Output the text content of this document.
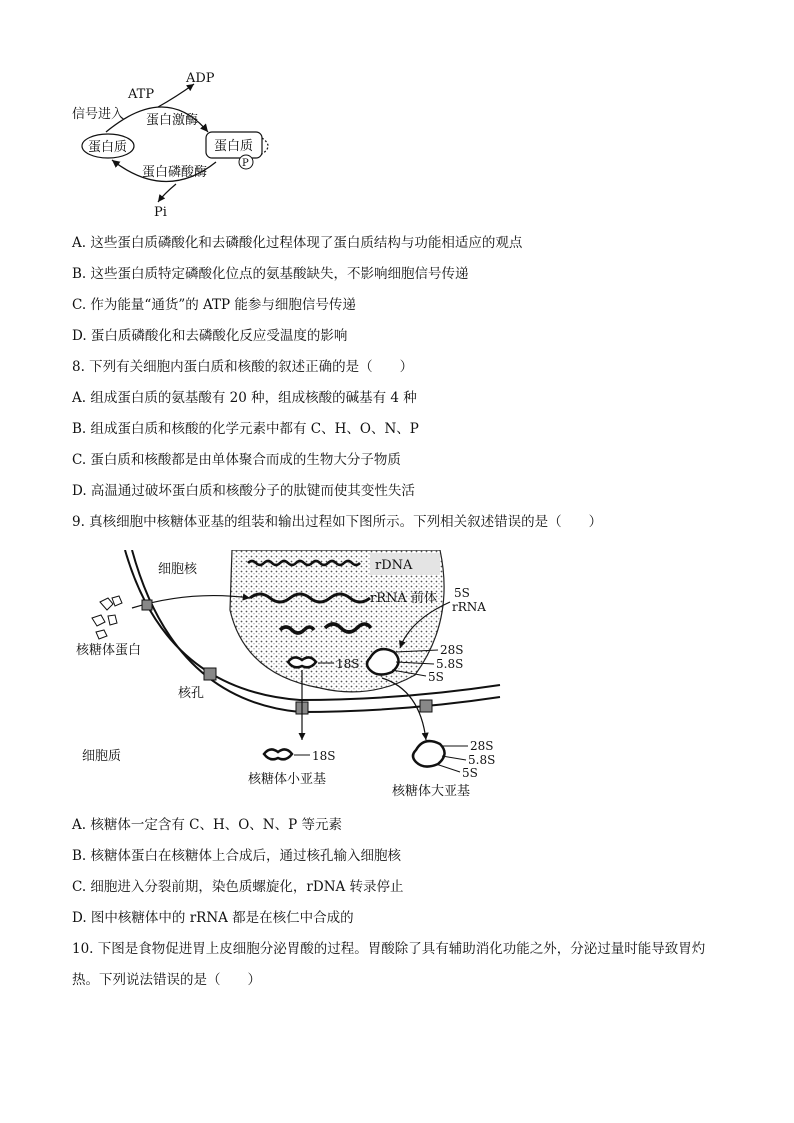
ATP
ADP
信号进入 蛋白激酶
蛋白质	蛋白质
P
蛋白磷酸酶
Pi
A. 这些蛋白质磷酸化和去磷酸化过程体现了蛋白质结构与功能相适应的观点
B. 这些蛋白质特定磷酸化位点的氨基酸缺失，不影响细胞信号传递
C. 作为能量“通货”的 ATP 能参与细胞信号传递
D. 蛋白质磷酸化和去磷酸化反应受温度的影响
8. 下列有关细胞内蛋白质和核酸的叙述正确的是（　　）
A. 组成蛋白质的氨基酸有 20 种，组成核酸的碱基有 4 种
B. 组成蛋白质和核酸的化学元素中都有 C、H、O、N、P
C. 蛋白质和核酸都是由单体聚合而成的生物大分子物质
D. 高温通过破坏蛋白质和核酸分子的肽键而使其变性失活
9. 真核细胞中核糖体亚基的组装和输出过程如下图所示。下列相关叙述错误的是（　　）
rDNA
细胞核
rRNA 前体 5S
rRNA
核糖体蛋白
18S
28S
5.8S
5S
核孔
细胞质	18S
核糖体小亚基
28S
5.8S
5S
核糖体大亚基
A. 核糖体一定含有 C、H、O、N、P 等元素
B. 核糖体蛋白在核糖体上合成后，通过核孔输入细胞核
C. 细胞进入分裂前期，染色质螺旋化，rDNA 转录停止
D. 图中核糖体中的 rRNA 都是在核仁中合成的
10. 下图是食物促进胃上皮细胞分泌胃酸的过程。胃酸除了具有辅助消化功能之外，分泌过量时能导致胃灼热。下列说法错误的是（　　）
